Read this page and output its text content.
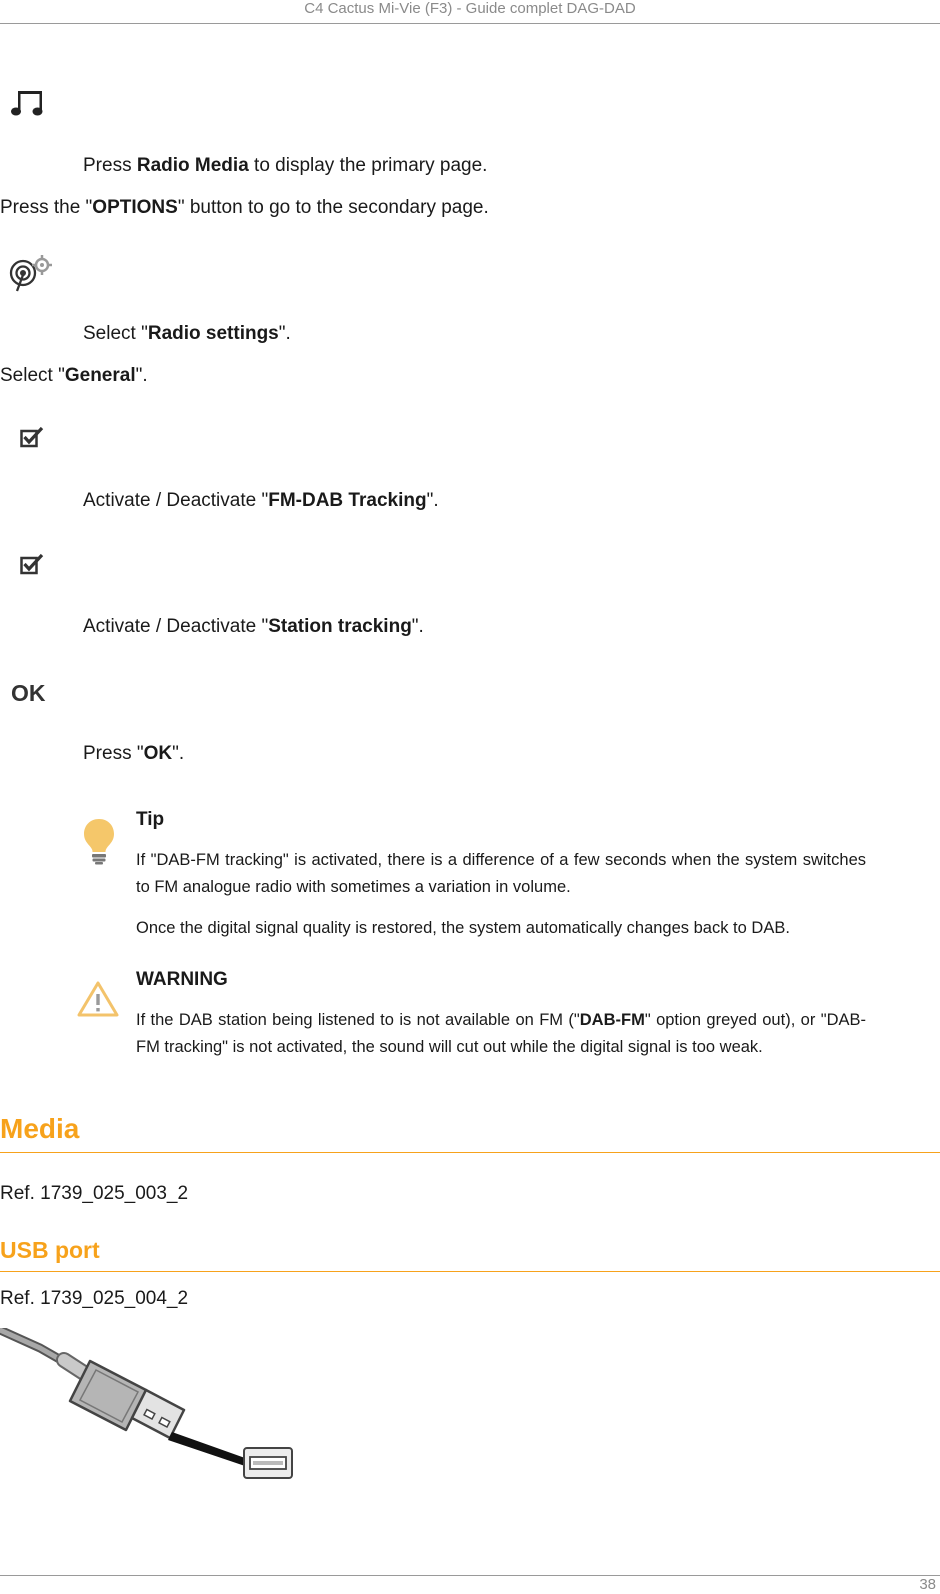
C4 Cactus Mi-Vie (F3) - Guide complet DAG-DAD
Press Radio Media to display the primary page.
Press the "OPTIONS" button to go to the secondary page.
Select "Radio settings".
Select "General".
Activate / Deactivate "FM-DAB Tracking".
Activate / Deactivate "Station tracking".
OK
Press "OK".
Tip
If "DAB-FM tracking" is activated, there is a difference of a few seconds when the system switches to FM analogue radio with sometimes a variation in volume.
Once the digital signal quality is restored, the system automatically changes back to DAB.
WARNING
If the DAB station being listened to is not available on FM ("DAB-FM" option greyed out), or "DAB-FM tracking" is not activated, the sound will cut out while the digital signal is too weak.
Media
Ref. 1739_025_003_2
USB port
Ref. 1739_025_004_2
38
